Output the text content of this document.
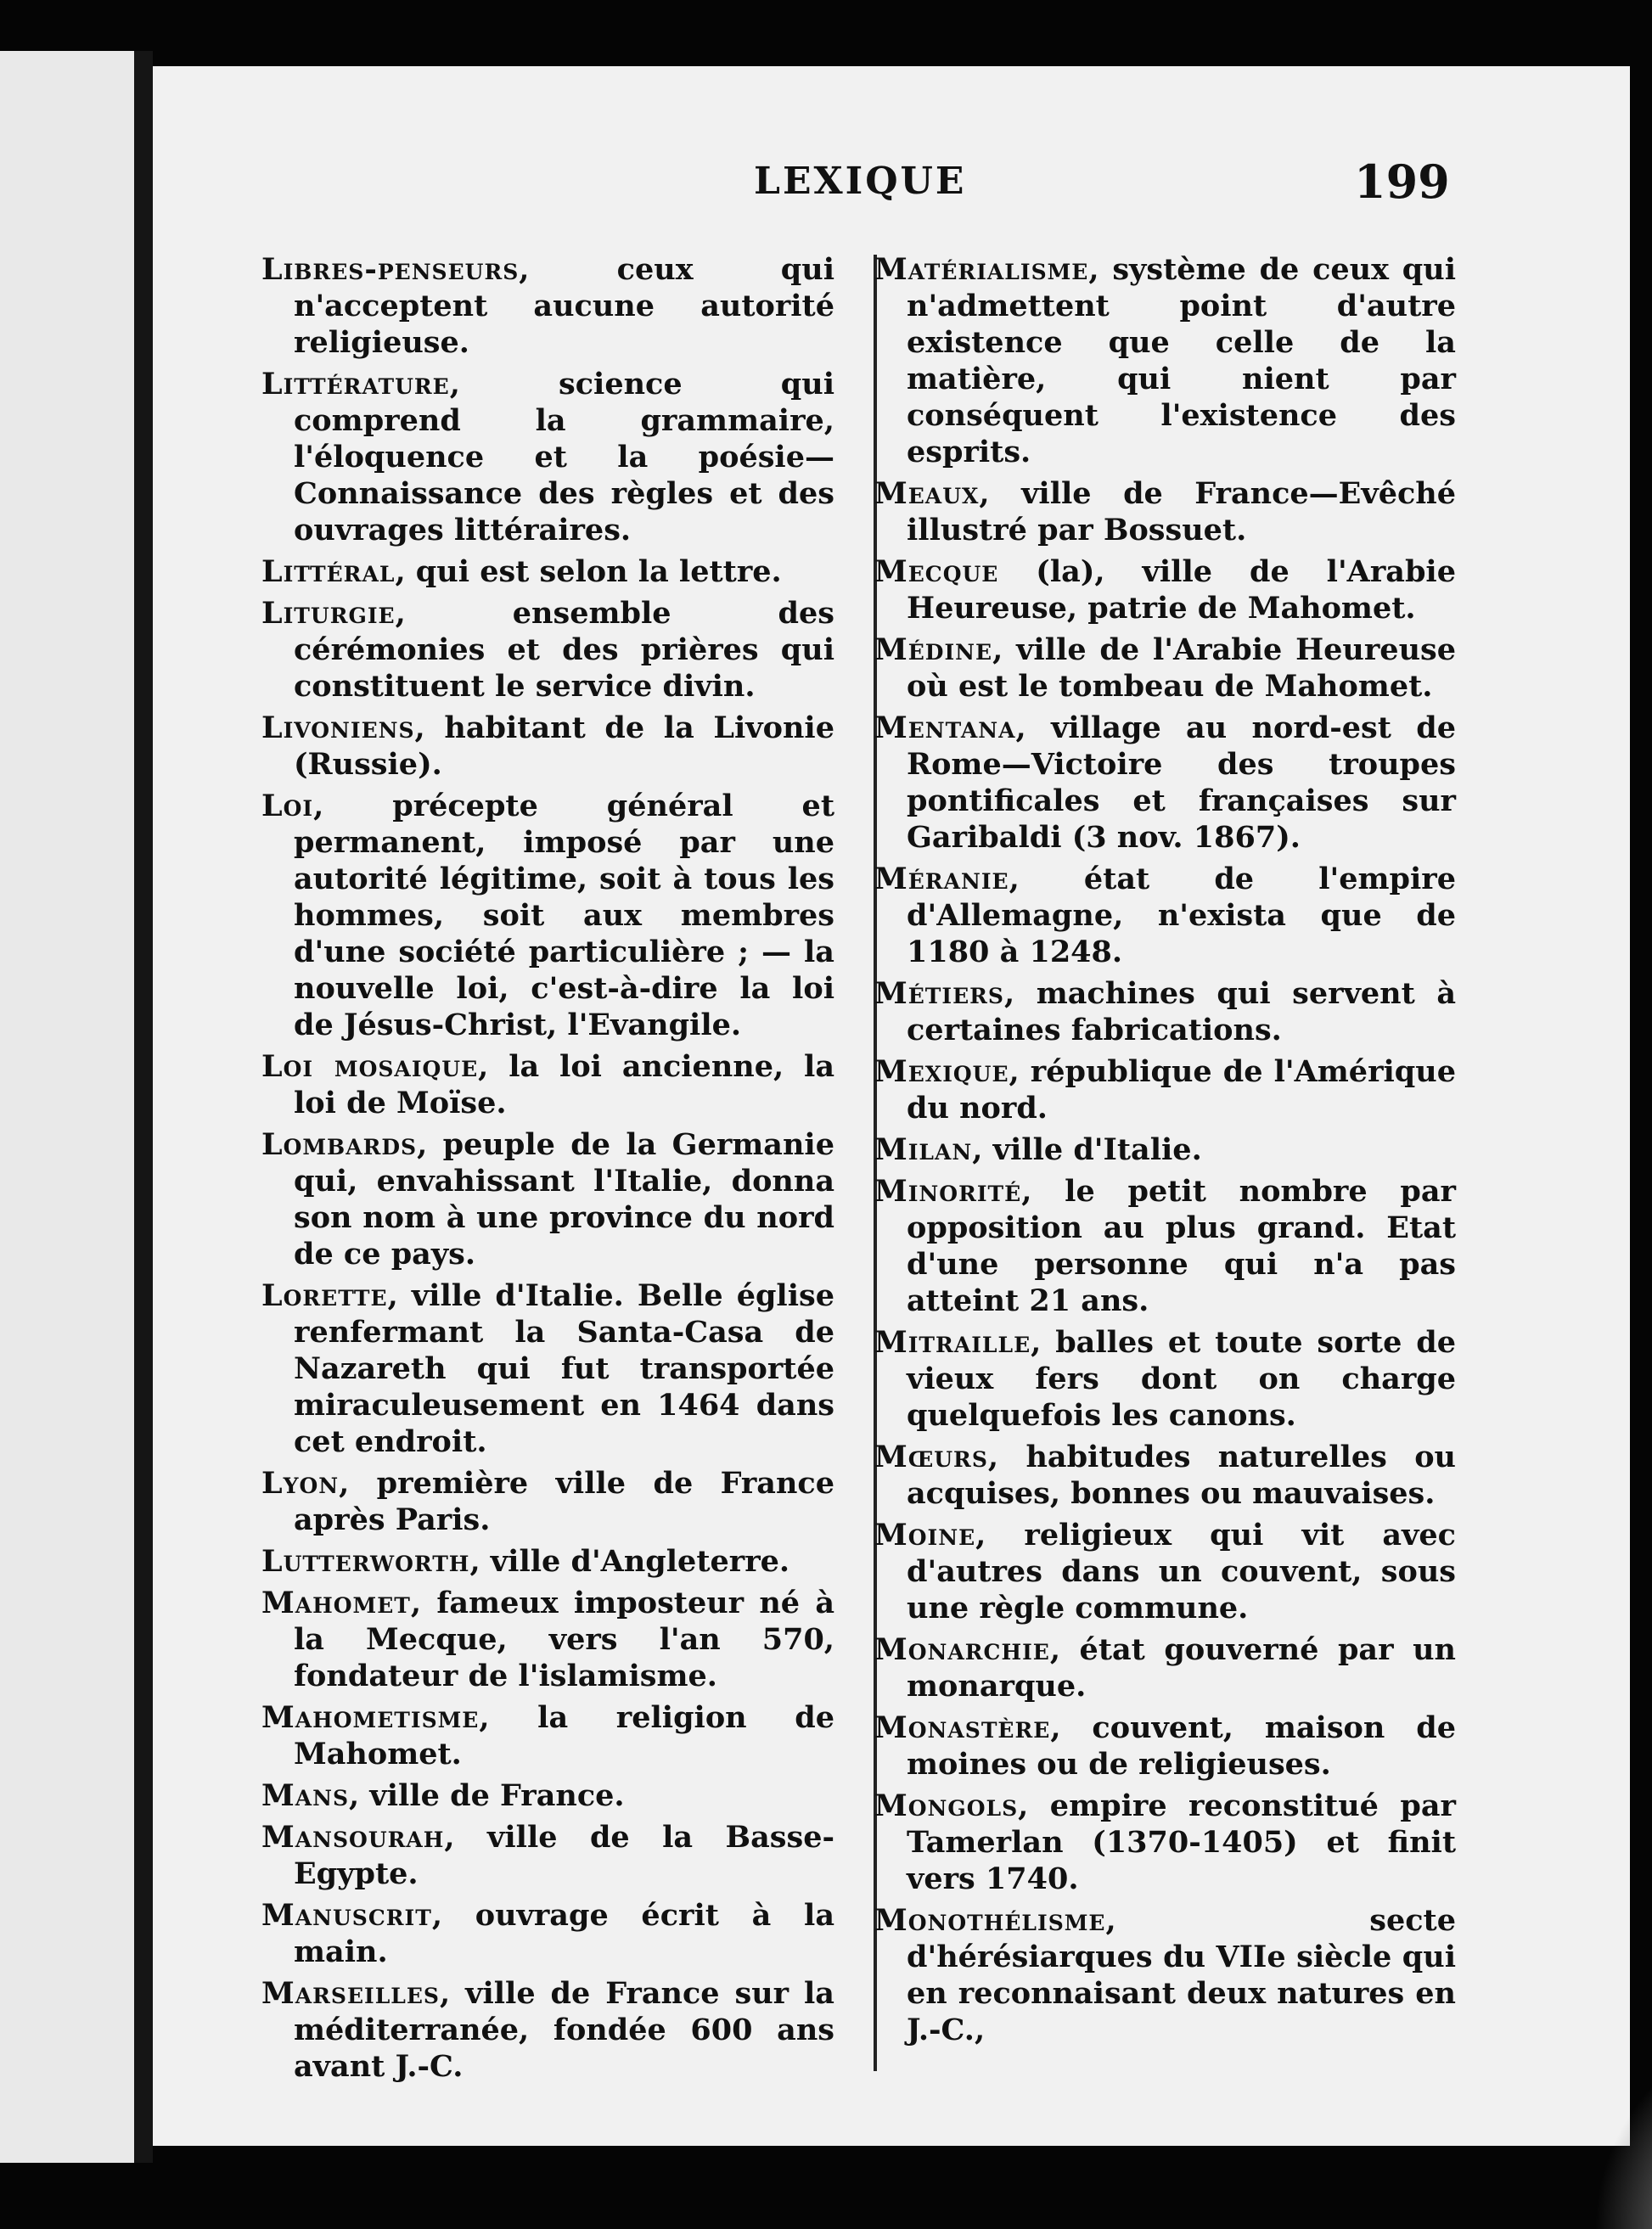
LEXIQUE	199

Libres-penseurs, ceux qui n'acceptent aucune autorité religieuse.

Littérature, science qui comprend la grammaire, l'éloquence et la poésie—Connaissance des règles et des ouvrages littéraires.

Littéral, qui est selon la lettre.

Liturgie, ensemble des cérémonies et des prières qui constituent le service divin.

Livoniens, habitant de la Livonie (Russie).

Loi, précepte général et permanent, imposé par une autorité légitime, soit à tous les hommes, soit aux membres d'une société particulière ; — la nouvelle loi, c'est-à-dire la loi de Jésus-Christ, l'Evangile.

Loi mosaique, la loi ancienne, la loi de Moïse.

Lombards, peuple de la Germanie qui, envahissant l'Italie, donna son nom à une province du nord de ce pays.

Lorette, ville d'Italie. Belle église renfermant la Santa-Casa de Nazareth qui fut transportée miraculeusement en 1464 dans cet endroit.

Lyon, première ville de France après Paris.

Lutterworth, ville d'Angleterre.

Mahomet, fameux imposteur né à la Mecque, vers l'an 570, fondateur de l'islamisme.

Mahometisme, la religion de Mahomet.

Mans, ville de France.

Mansourah, ville de la Basse-Egypte.

Manuscrit, ouvrage écrit à la main.

Marseilles, ville de France sur la méditerranée, fondée 600 ans avant J.-C.

Matérialisme, système de ceux qui n'admettent point d'autre existence que celle de la matière, qui nient par conséquent l'existence des esprits.

Meaux, ville de France—Evêché illustré par Bossuet.

Mecque (la), ville de l'Arabie Heureuse, patrie de Mahomet.

Médine, ville de l'Arabie Heureuse où est le tombeau de Mahomet.

Mentana, village au nord-est de Rome—Victoire des troupes pontificales et françaises sur Garibaldi (3 nov. 1867).

Méranie, état de l'empire d'Allemagne, n'exista que de 1180 à 1248.

Métiers, machines qui servent à certaines fabrications.

Mexique, république de l'Amérique du nord.

Milan, ville d'Italie.

Minorité, le petit nombre par opposition au plus grand. Etat d'une personne qui n'a pas atteint 21 ans.

Mitraille, balles et toute sorte de vieux fers dont on charge quelquefois les canons.

Mœurs, habitudes naturelles ou acquises, bonnes ou mauvaises.

Moine, religieux qui vit avec d'autres dans un couvent, sous une règle commune.

Monarchie, état gouverné par un monarque.

Monastère, couvent, maison de moines ou de religieuses.

Mongols, empire reconstitué par Tamerlan (1370-1405) et finit vers 1740.

Monothélisme, secte d'hérésiarques du VIIe siècle qui en reconnaisant deux natures en J.-C.,
